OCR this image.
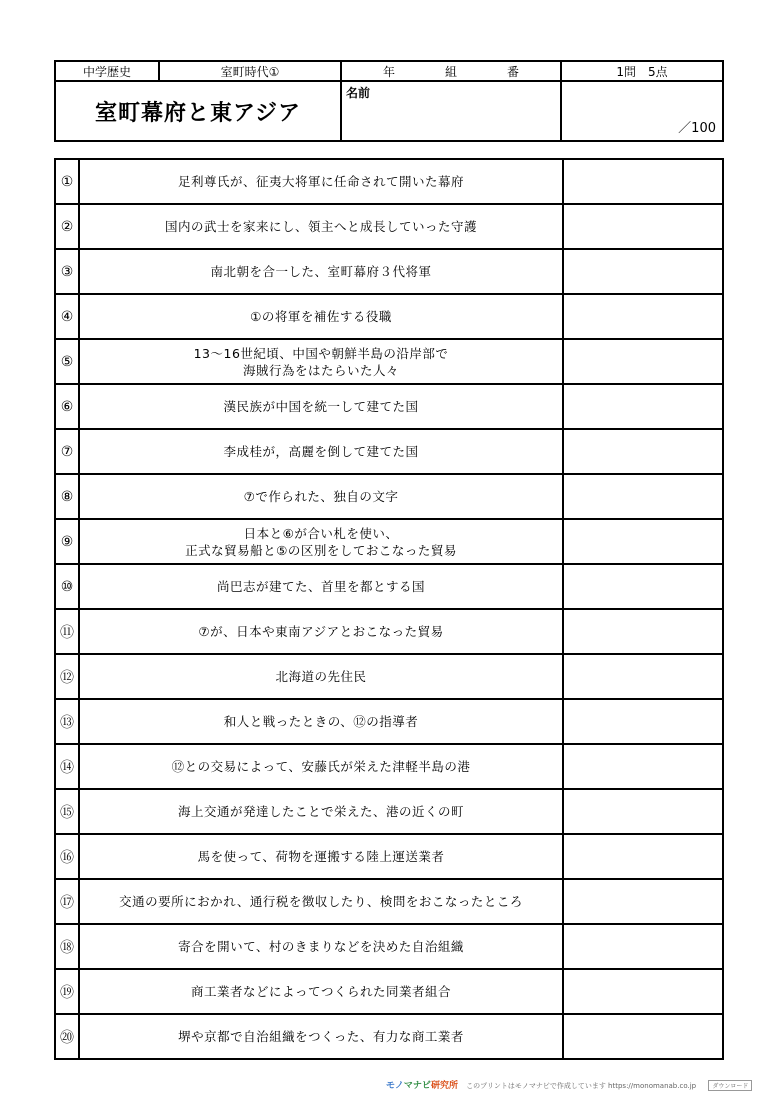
中学歴史	室町時代①	年 組 番	1問　5点
室町幕府と東アジア		名前	／100
①	足利尊氏が、征夷大将軍に任命されて開いた幕府	
②	国内の武士を家来にし、領主へと成長していった守護	
③	南北朝を合一した、室町幕府３代将軍	
④	①の将軍を補佐する役職	
⑤	13～16世紀頃、中国や朝鮮半島の沿岸部で
海賊行為をはたらいた人々	

⑥	漢民族が中国を統一して建てた国	
⑦	李成桂が，高麗を倒して建てた国	
⑧	⑦で作られた、独自の文字	
⑨	日本と⑥が合い札を使い、
正式な貿易船と⑤の区別をしておこなった貿易	

⑩	尚巴志が建てた、首里を都とする国	
⑪	⑦が、日本や東南アジアとおこなった貿易	
⑫	北海道の先住民	
⑬	和人と戦ったときの、⑫の指導者	
⑭	⑫との交易によって、安藤氏が栄えた津軽半島の港	
⑮	海上交通が発達したことで栄えた、港の近くの町	
⑯	馬を使って、荷物を運搬する陸上運送業者	
⑰	交通の要所におかれ、通行税を徴収したり、検問をおこなったところ	
⑱	寄合を開いて、村のきまりなどを決めた自治組織	
⑲	商工業者などによってつくられた同業者組合	
⑳	堺や京都で自治組織をつくった、有力な商工業者	
モノマナビ研究所 このプリントはモノマナビで作成しています https://monomanab.co.jp	ダウンロード
